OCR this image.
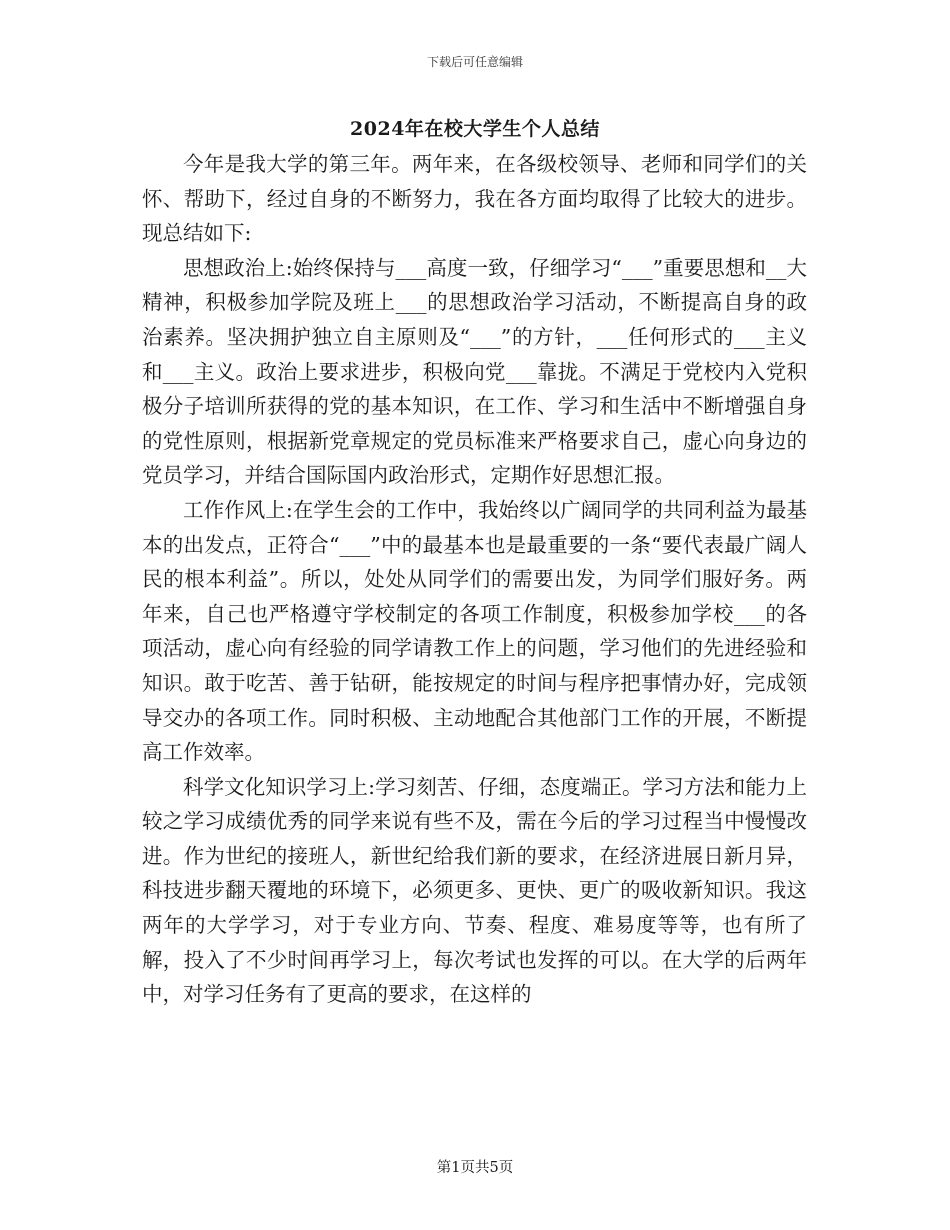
下载后可任意编辑
2024年在校大学生个人总结

今年是我大学的第三年。两年来，在各级校领导、老师和同学们的关怀、帮助下，经过自身的不断努力，我在各方面均取得了比较大的进步。现总结如下:

思想政治上:始终保持与___高度一致，仔细学习“___”重要思想和__大精神，积极参加学院及班上___的思想政治学习活动，不断提高自身的政治素养。坚决拥护独立自主原则及“___”的方针，___任何形式的___主义和___主义。政治上要求进步，积极向党___靠拢。不满足于党校内入党积极分子培训所获得的党的基本知识，在工作、学习和生活中不断增强自身的党性原则，根据新党章规定的党员标准来严格要求自己，虚心向身边的党员学习，并结合国际国内政治形式，定期作好思想汇报。

工作作风上:在学生会的工作中，我始终以广阔同学的共同利益为最基本的出发点，正符合“___”中的最基本也是最重要的一条“要代表最广阔人民的根本利益”。所以，处处从同学们的需要出发，为同学们服好务。两年来，自己也严格遵守学校制定的各项工作制度，积极参加学校___的各项活动，虚心向有经验的同学请教工作上的问题，学习他们的先进经验和知识。敢于吃苦、善于钻研，能按规定的时间与程序把事情办好，完成领导交办的各项工作。同时积极、主动地配合其他部门工作的开展，不断提高工作效率。

科学文化知识学习上:学习刻苦、仔细，态度端正。学习方法和能力上较之学习成绩优秀的同学来说有些不及，需在今后的学习过程当中慢慢改进。作为世纪的接班人，新世纪给我们新的要求，在经济进展日新月异，科技进步翻天覆地的环境下，必须更多、更快、更广的吸收新知识。我这两年的大学学习，对于专业方向、节奏、程度、难易度等等，也有所了解，投入了不少时间再学习上，每次考试也发挥的可以。在大学的后两年中，对学习任务有了更高的要求，在这样的

第1页共5页
